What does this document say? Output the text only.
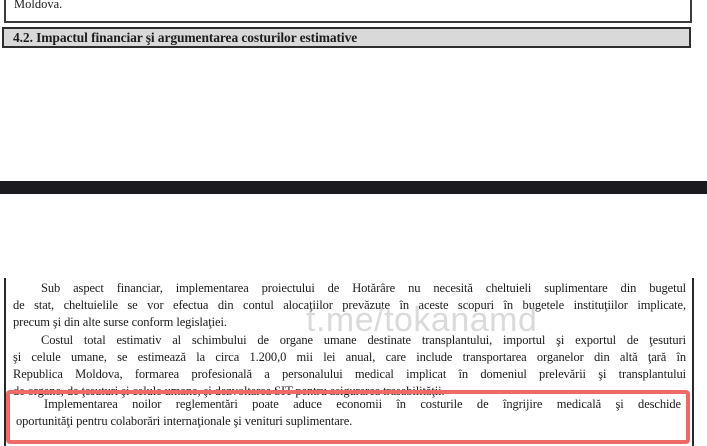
Moldova.
4.2. Impactul financiar şi argumentarea costurilor estimative
Sub aspect financiar, implementarea proiectului de Hotărâre nu necesită cheltuieli suplimentare din bugetul
de stat, cheltuielile se vor efectua din contul alocaţiilor prevăzute în aceste scopuri în bugetele instituţiilor implicate,
precum şi din alte surse conform legislaţiei.
Costul total estimativ al schimbului de organe umane destinate transplantului, importul şi exportul de ţesuturi
şi celule umane, se estimează la circa 1.200,0 mii lei anual, care include transportarea organelor din altă ţară în
Republica Moldova, formarea profesională a personalului medical implicat în domeniul prelevării şi transplantului
de organe, de ţesuturi şi celule umane, şi dezvoltarea SIT pentru asigurarea trasabilităţii.
t.me/tokanamd
Implementarea noilor reglementări poate aduce economii în costurile de îngrijire medicală şi deschide
oportunităţi pentru colaborări internaţionale şi venituri suplimentare.
